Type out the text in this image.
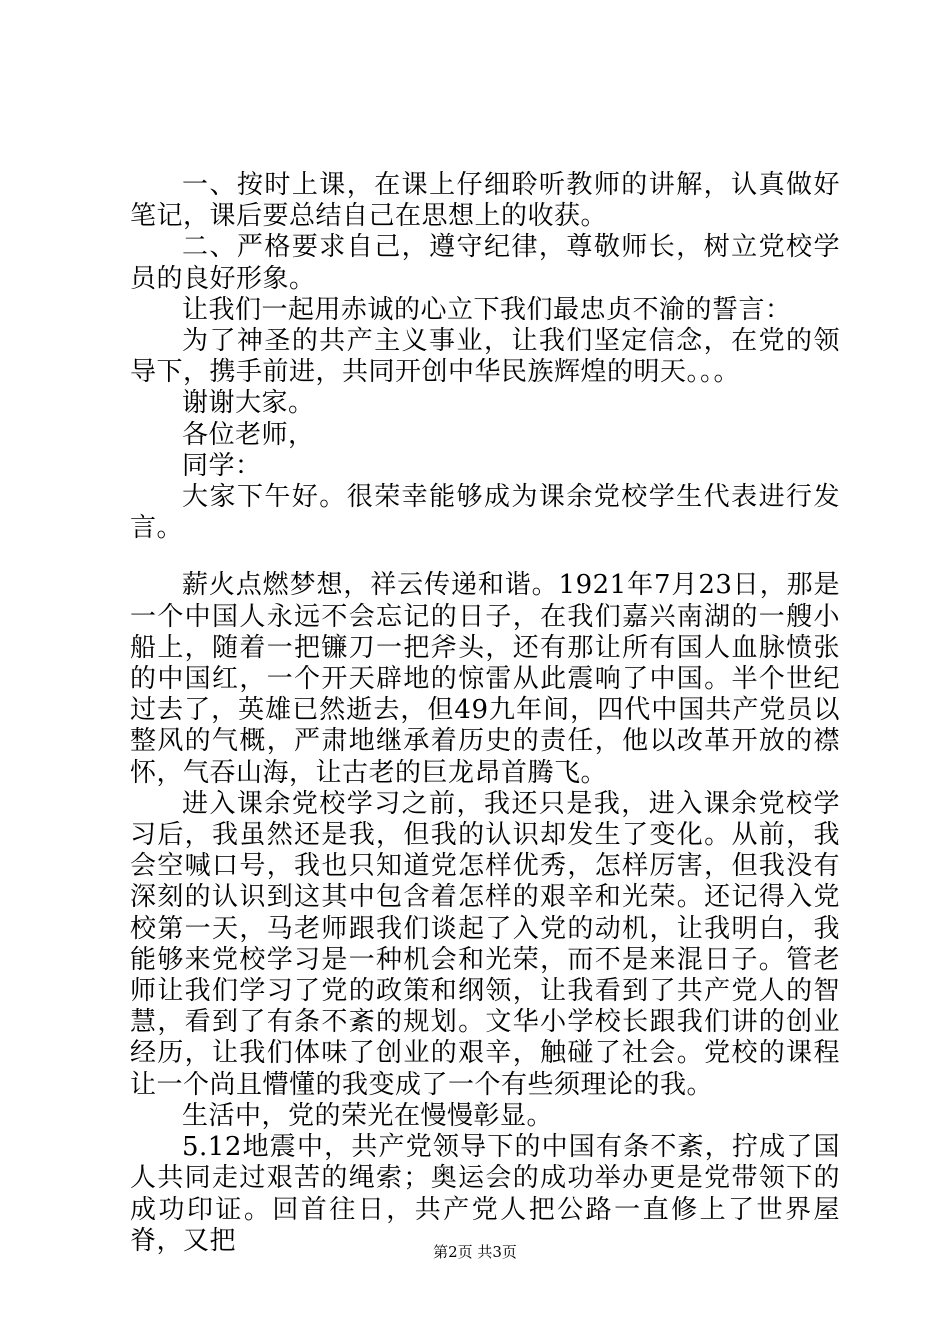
一、按时上课，在课上仔细聆听教师的讲解，认真做好笔记，课后要总结自己在思想上的收获。

二、严格要求自己，遵守纪律，尊敬师长，树立党校学员的良好形象。

让我们一起用赤诚的心立下我们最忠贞不渝的誓言：

为了神圣的共产主义事业，让我们坚定信念，在党的领导下，携手前进，共同开创中华民族辉煌的明天。。。

谢谢大家。

各位老师，

同学：

大家下午好。很荣幸能够成为课余党校学生代表进行发言。

薪火点燃梦想，祥云传递和谐。1921年7月23日，那是一个中国人永远不会忘记的日子，在我们嘉兴南湖的一艘小船上，随着一把镰刀一把斧头，还有那让所有国人血脉愤张的中国红，一个开天辟地的惊雷从此震响了中国。半个世纪过去了，英雄已然逝去，但49九年间，四代中国共产党员以整风的气概，严肃地继承着历史的责任，他以改革开放的襟怀，气吞山海，让古老的巨龙昂首腾飞。

进入课余党校学习之前，我还只是我，进入课余党校学习后，我虽然还是我，但我的认识却发生了变化。从前，我会空喊口号，我也只知道党怎样优秀，怎样厉害，但我没有深刻的认识到这其中包含着怎样的艰辛和光荣。还记得入党校第一天，马老师跟我们谈起了入党的动机，让我明白，我能够来党校学习是一种机会和光荣，而不是来混日子。管老师让我们学习了党的政策和纲领，让我看到了共产党人的智慧，看到了有条不紊的规划。文华小学校长跟我们讲的创业经历，让我们体味了创业的艰辛，触碰了社会。党校的课程让一个尚且懵懂的我变成了一个有些须理论的我。

生活中，党的荣光在慢慢彰显。

5.12地震中，共产党领导下的中国有条不紊，拧成了国人共同走过艰苦的绳索；奥运会的成功举办更是党带领下的成功印证。回首往日，共产党人把公路一直修上了世界屋脊，又把	第2页 共3页
